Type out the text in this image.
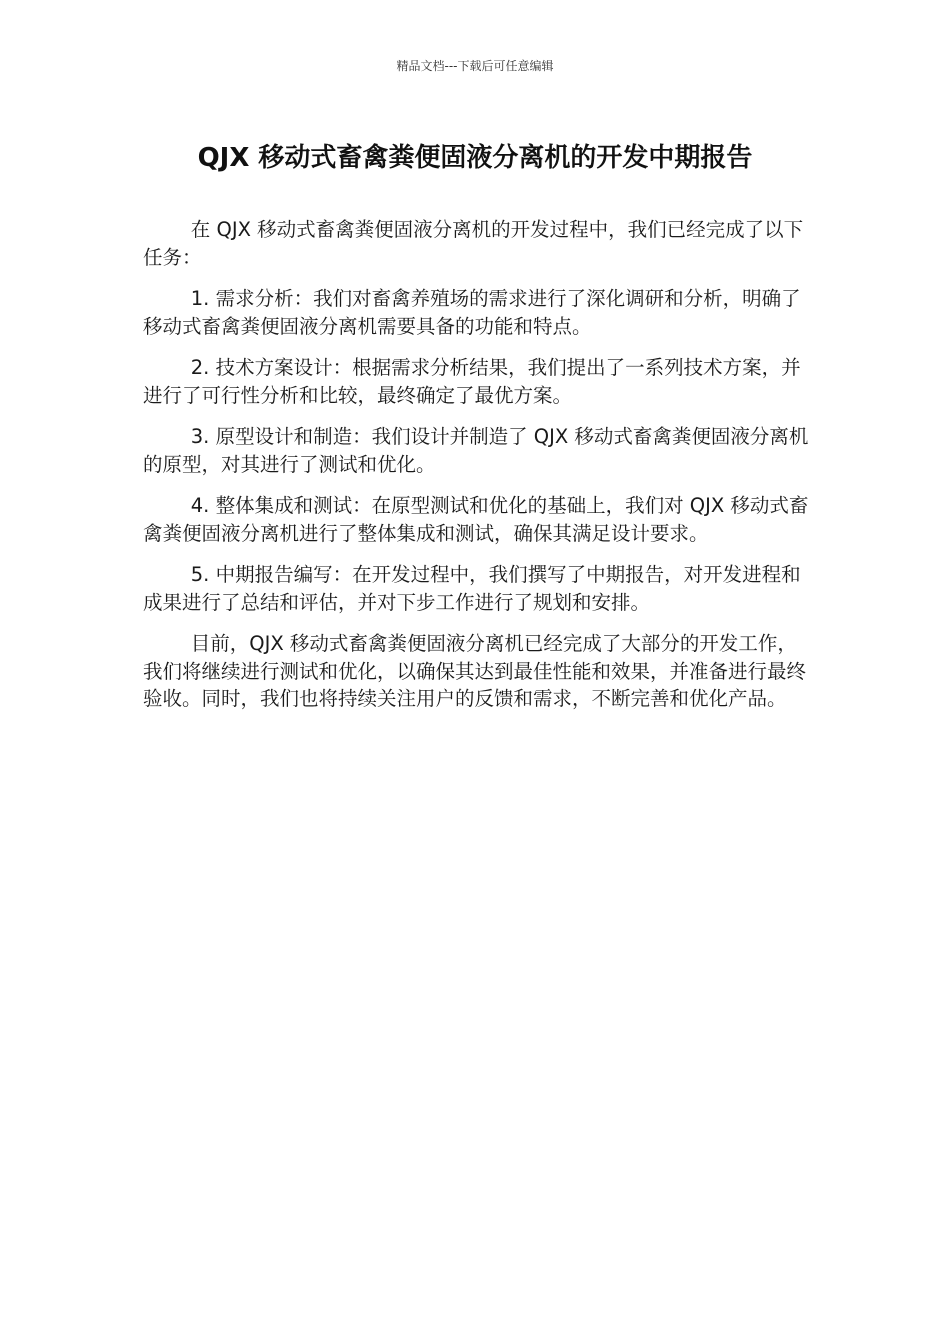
精品文档---下载后可任意编辑
QJX 移动式畜禽粪便固液分离机的开发中期报告

在 QJX 移动式畜禽粪便固液分离机的开发过程中，我们已经完成了以下任务：

1. 需求分析：我们对畜禽养殖场的需求进行了深化调研和分析，明确了移动式畜禽粪便固液分离机需要具备的功能和特点。

2. 技术方案设计：根据需求分析结果，我们提出了一系列技术方案，并进行了可行性分析和比较，最终确定了最优方案。

3. 原型设计和制造：我们设计并制造了 QJX 移动式畜禽粪便固液分离机的原型，对其进行了测试和优化。

4. 整体集成和测试：在原型测试和优化的基础上，我们对 QJX 移动式畜禽粪便固液分离机进行了整体集成和测试，确保其满足设计要求。

5. 中期报告编写：在开发过程中，我们撰写了中期报告，对开发进程和成果进行了总结和评估，并对下步工作进行了规划和安排。

目前，QJX 移动式畜禽粪便固液分离机已经完成了大部分的开发工作，我们将继续进行测试和优化，以确保其达到最佳性能和效果，并准备进行最终验收。同时，我们也将持续关注用户的反馈和需求，不断完善和优化产品。
